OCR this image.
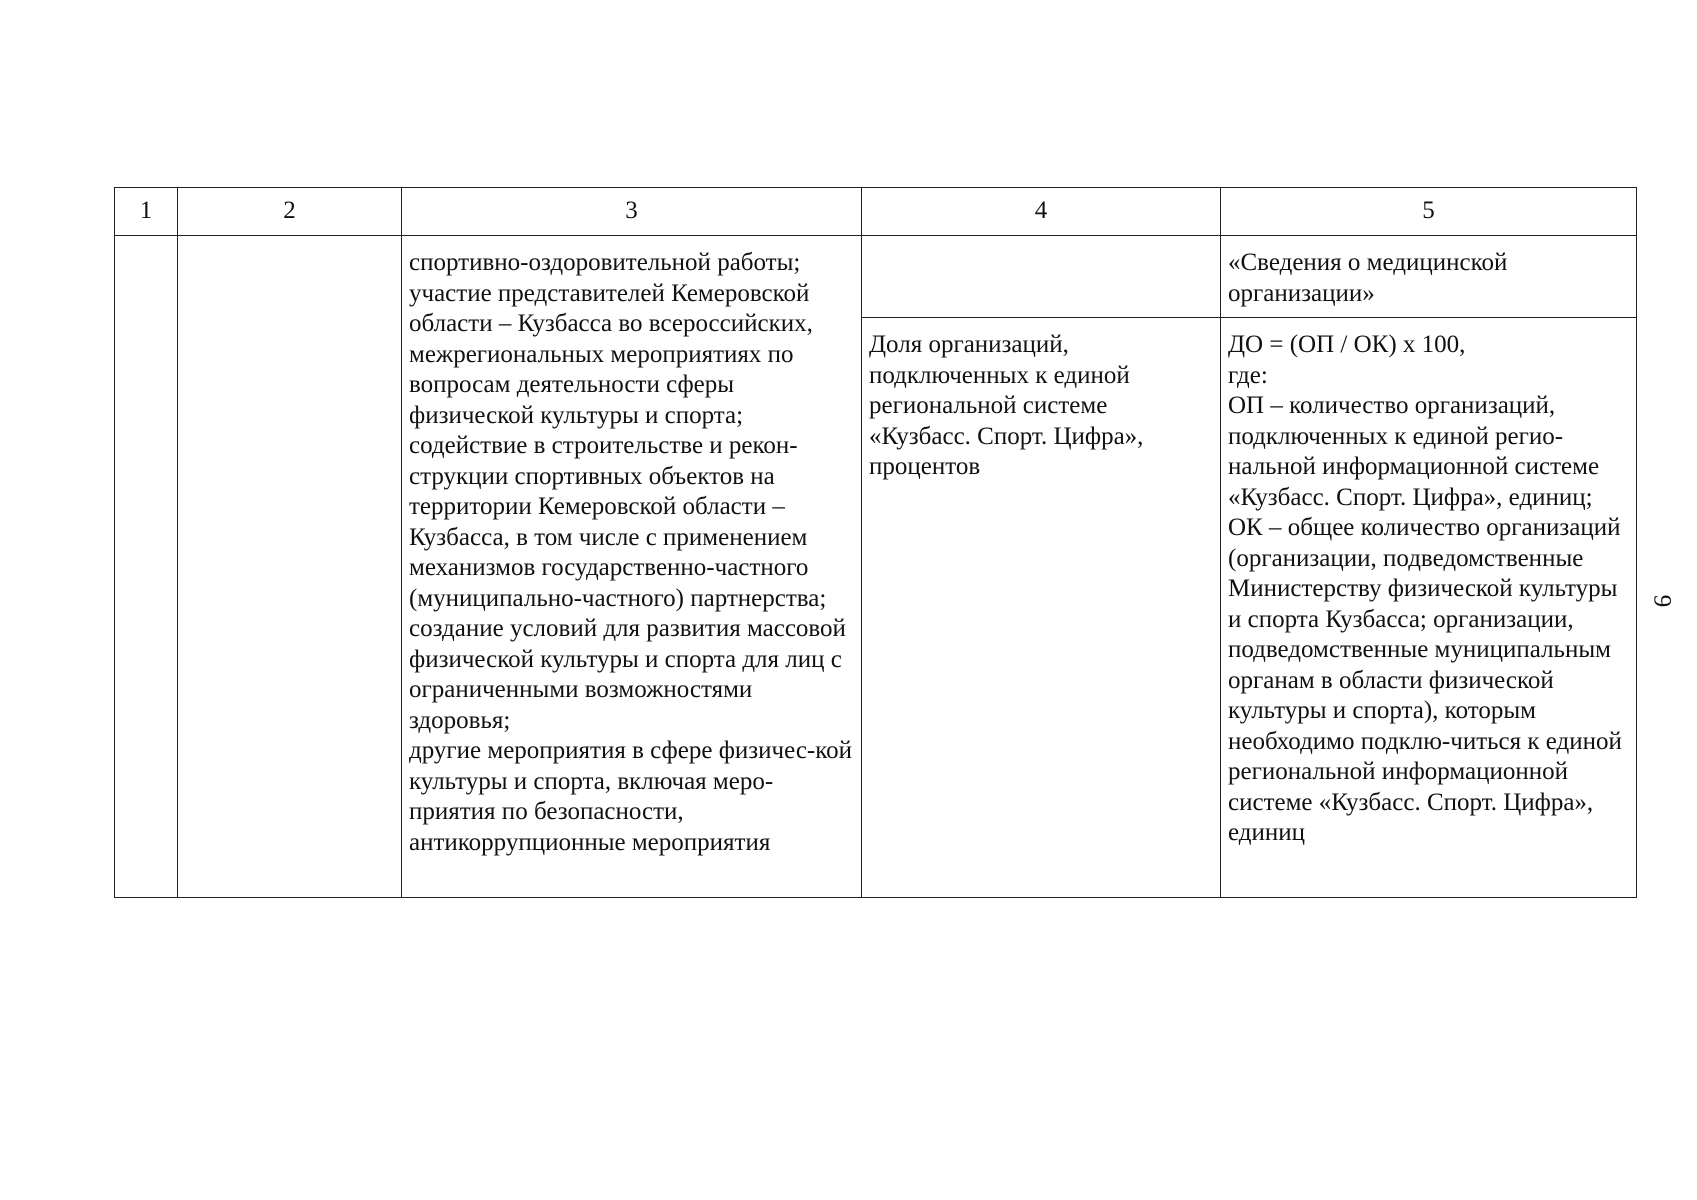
1	2	3	4	5
		спортивно-оздоровительной работы;
участие представителей Кемеровской области – Кузбасса во всероссийских, межрегиональных мероприятиях по вопросам деятельности сферы физической культуры и спорта;
содействие в строительстве и рекон-струкции спортивных объектов на территории Кемеровской области – Кузбасса, в том числе с применением механизмов государственно-частного (муниципально-частного) партнерства;
создание условий для развития массовой физической культуры и спорта для лиц с ограниченными возможностями здоровья;
другие мероприятия в сфере физичес-кой культуры и спорта, включая меро-приятия по безопасности, антикоррупционные мероприятия		«Сведения о медицинской организации»
			Доля организаций, подключенных к единой региональной системе «Кузбасс. Спорт. Цифра», процентов	ДО = (ОП / ОК) х 100,
где:
ОП – количество организаций, подключенных к единой регио-нальной информационной системе «Кузбасс. Спорт. Цифра», единиц;
ОК – общее количество организаций (организации, подведомственные Министерству физической культуры и спорта Кузбасса; организации, подведомственные муниципальным органам в области физической культуры и спорта), которым необходимо подклю-читься к единой региональной информационной системе «Кузбасс. Спорт. Цифра», единиц
9
